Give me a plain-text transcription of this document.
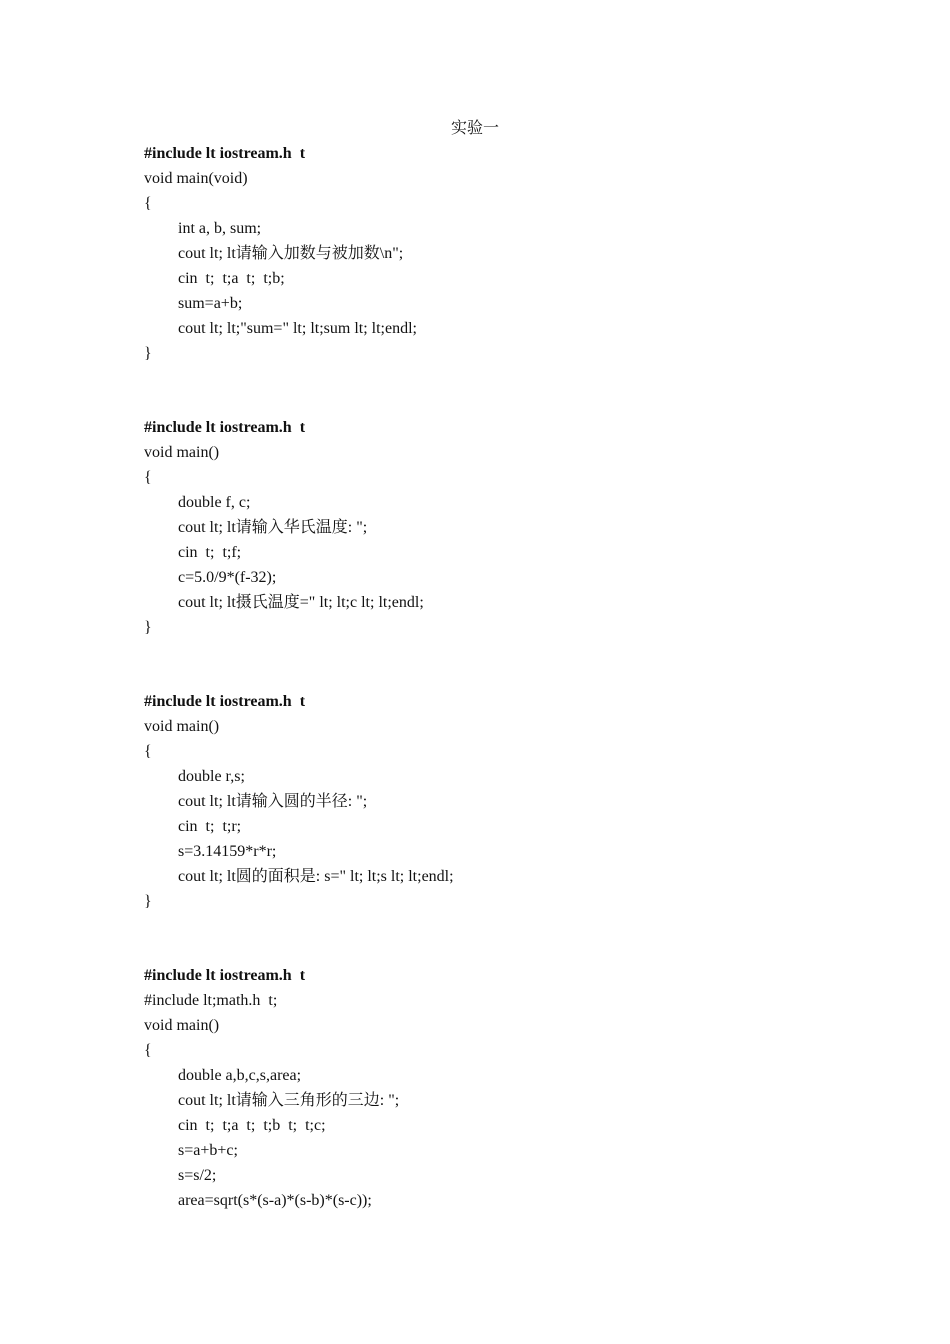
实验一
#include lt iostream.h  t
void main(void)
{
int a, b, sum;
cout lt; lt请输入加数与被加数\n";
cin  t;  t;a  t;  t;b;
sum=a+b;
cout lt; lt;"sum=" lt; lt;sum lt; lt;endl;
}
#include lt iostream.h  t
void main()
{
double f, c;
cout lt; lt请输入华氏温度: ";
cin  t;  t;f;
c=5.0/9*(f-32);
cout lt; lt摄氏温度=" lt; lt;c lt; lt;endl;
}
#include lt iostream.h  t
void main()
{
double r,s;
cout lt; lt请输入圆的半径: ";
cin  t;  t;r;
s=3.14159*r*r;
cout lt; lt圆的面积是: s=" lt; lt;s lt; lt;endl;
}
#include lt iostream.h  t
#include lt;math.h  t;
void main()
{
double a,b,c,s,area;
cout lt; lt请输入三角形的三边: ";
cin  t;  t;a  t;  t;b  t;  t;c;
s=a+b+c;
s=s/2;
area=sqrt(s*(s-a)*(s-b)*(s-c));
